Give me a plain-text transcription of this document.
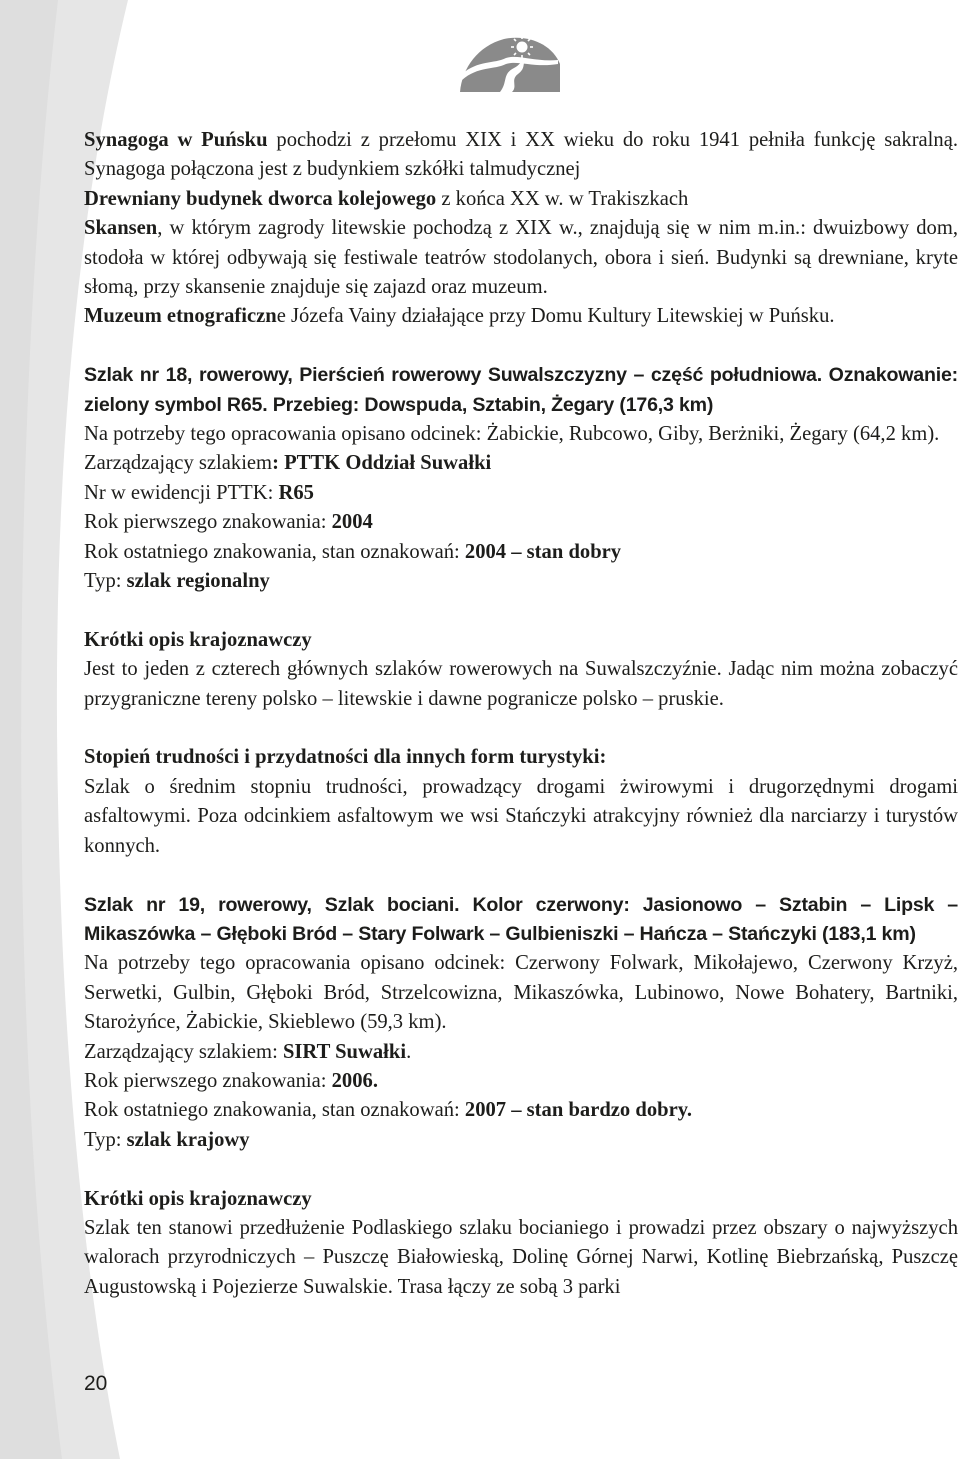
Synagoga w Puńsku pochodzi z przełomu XIX i XX wieku do roku 1941 pełniła funkcję sakralną. Synagoga połączona jest z budynkiem szkółki talmudycznej

Drewniany budynek dworca kolejowego z końca XX w. w Trakiszkach

Skansen, w którym zagrody litewskie pochodzą z XIX w., znajdują się w nim m.in.: dwuizbowy dom, stodoła w której odbywają się festiwale teatrów stodolanych, obora i sień. Budynki są drewniane, kryte słomą, przy skansenie znajduje się zajazd oraz muzeum.

Muzeum etnograficzne Józefa Vainy działające przy Domu Kultury Litewskiej w Puńsku.

Szlak nr 18, rowerowy, Pierścień rowerowy Suwalszczyzny – część południowa. Oznakowanie: zielony symbol R65. Przebieg: Dowspuda, Sztabin, Żegary (176,3 km)

Na potrzeby tego opracowania opisano odcinek: Żabickie, Rubcowo, Giby, Berżniki, Żegary (64,2 km).

Zarządzający szlakiem: PTTK Oddział Suwałki

Nr w ewidencji PTTK: R65

Rok pierwszego znakowania: 2004

Rok ostatniego znakowania, stan oznakowań: 2004 – stan dobry

Typ: szlak regionalny

Krótki opis krajoznawczy

Jest to jeden z czterech głównych szlaków rowerowych na Suwalszczyźnie. Jadąc nim można zobaczyć przygraniczne tereny polsko – litewskie i dawne pogranicze polsko – pruskie.

Stopień trudności i przydatności dla innych form turystyki:

Szlak o średnim stopniu trudności, prowadzący drogami żwirowymi i drugorzędnymi drogami asfaltowymi. Poza odcinkiem asfaltowym we wsi Stańczyki atrakcyjny również dla narciarzy i turystów konnych.

Szlak nr 19, rowerowy, Szlak bociani. Kolor czerwony: Jasionowo – Sztabin – Lipsk – Mikaszówka – Głęboki Bród – Stary Folwark – Gulbieniszki – Hańcza – Stańczyki (183,1 km)

Na potrzeby tego opracowania opisano odcinek: Czerwony Folwark, Mikołajewo, Czerwony Krzyż, Serwetki, Gulbin, Głęboki Bród, Strzelcowizna, Mikaszówka, Lubinowo, Nowe Bohatery, Bartniki, Starożyńce, Żabickie, Skieblewo (59,3 km).

Zarządzający szlakiem: SIRT Suwałki.

Rok pierwszego znakowania: 2006.

Rok ostatniego znakowania, stan oznakowań: 2007 – stan bardzo dobry.

Typ: szlak krajowy

Krótki opis krajoznawczy

Szlak ten stanowi przedłużenie Podlaskiego szlaku bocianiego i prowadzi przez obszary o najwyższych walorach przyrodniczych – Puszczę Białowieską, Dolinę Górnej Narwi, Kotlinę Biebrzańską, Puszczę Augustowską i Pojezierze Suwalskie. Trasa łączy ze sobą 3 parki

20
